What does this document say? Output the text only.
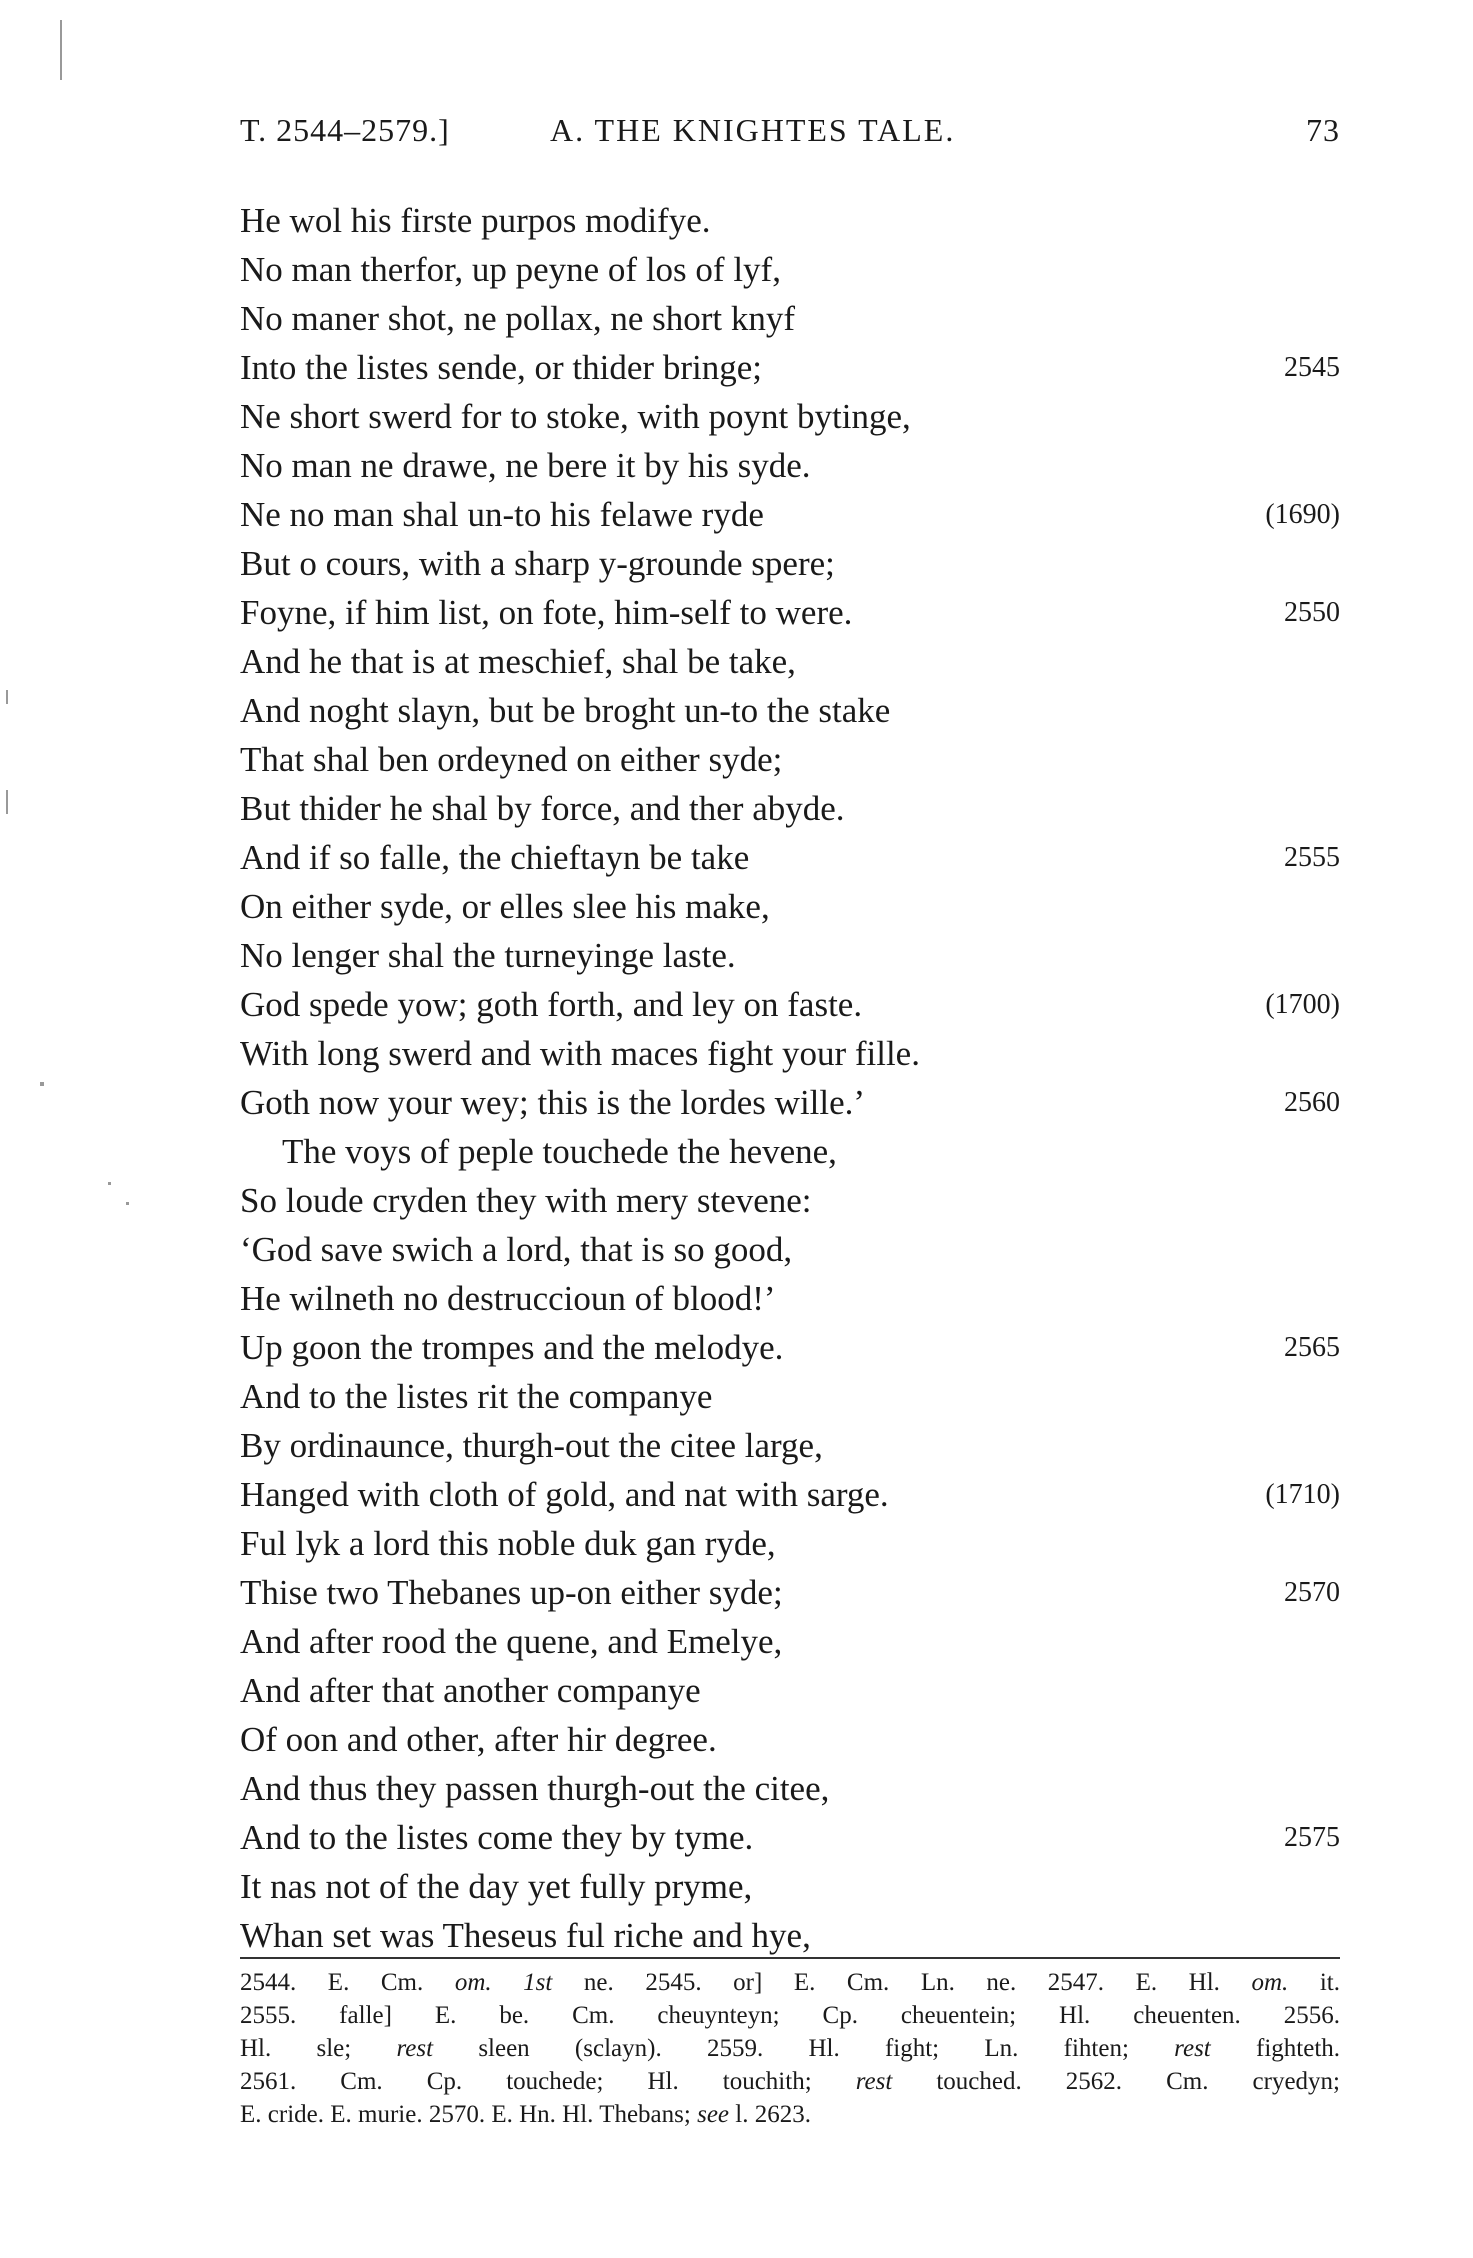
T. 2544–2579.]	A. THE KNIGHTES TALE.	73
He wol his firste purpos modifye.
No man therfor, up peyne of los of lyf,
No maner shot, ne pollax, ne short knyf
Into the listes sende, or thider bringe;	2545
Ne short swerd for to stoke, with poynt bytinge,
No man ne drawe, ne bere it by his syde.
Ne no man shal un-to his felawe ryde	(1690)
But o cours, with a sharp y-grounde spere;
Foyne, if him list, on fote, him-self to were.	2550
And he that is at meschief, shal be take,
And noght slayn, but be broght un-to the stake
That shal ben ordeyned on either syde;
But thider he shal by force, and ther abyde.
And if so falle, the chieftayn be take	2555
On either syde, or elles slee his make,
No lenger shal the turneyinge laste.
God spede yow; goth forth, and ley on faste.	(1700)
With long swerd and with maces fight your fille.
Goth now your wey; this is the lordes wille.’	2560
The voys of peple touchede the hevene,
So loude cryden they with mery stevene:
‘God save swich a lord, that is so good,
He wilneth no destruccioun of blood!’
Up goon the trompes and the melodye.	2565
And to the listes rit the companye
By ordinaunce, thurgh-out the citee large,
Hanged with cloth of gold, and nat with sarge.	(1710)
Ful lyk a lord this noble duk gan ryde,
Thise two Thebanes up-on either syde;	2570
And after rood the quene, and Emelye,
And after that another companye
Of oon and other, after hir degree.
And thus they passen thurgh-out the citee,
And to the listes come they by tyme.	2575
It nas not of the day yet fully pryme,
Whan set was Theseus ful riche and hye,
2544. E. Cm. om. 1st ne. 2545. or] E. Cm. Ln. ne. 2547. E. Hl. om. it.
2555. falle] E. be. Cm. cheuynteyn; Cp. cheuentein; Hl. cheuenten. 2556.
Hl. sle; rest sleen (sclayn). 2559. Hl. fight; Ln. fihten; rest fighteth.
2561. Cm. Cp. touchede; Hl. touchith; rest touched. 2562. Cm. cryedyn;
E. cride. E. murie. 2570. E. Hn. Hl. Thebans; see l. 2623.
